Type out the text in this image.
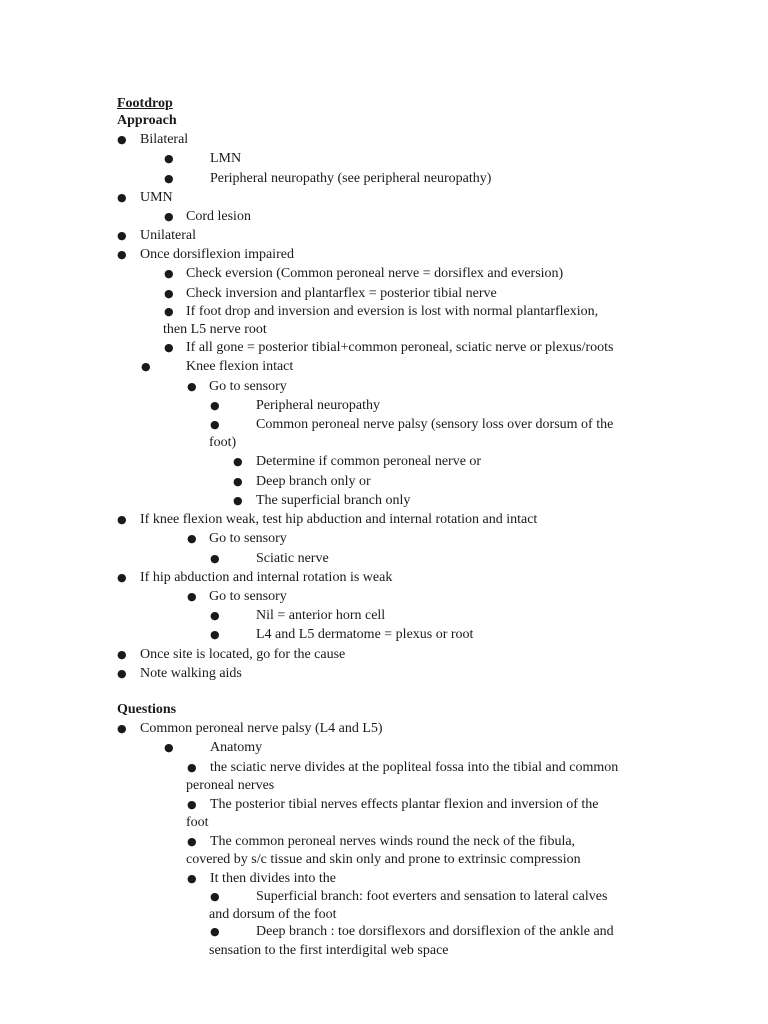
Footdrop
Approach
● Bilateral
●	LMN
●	Peripheral neuropathy (see peripheral neuropathy)
● UMN
● Cord lesion
● Unilateral
● Once dorsiflexion impaired
● Check eversion (Common peroneal nerve = dorsiflex and eversion)
● Check inversion and plantarflex = posterior tibial nerve
● If foot drop and inversion and eversion is lost with normal plantarflexion,
then L5 nerve root
● If all gone = posterior tibial+common peroneal, sciatic nerve or plexus/roots
●	Knee flexion intact
● Go to sensory
●	Peripheral neuropathy
●	Common peroneal nerve palsy (sensory loss over dorsum of the
foot)
● Determine if common peroneal nerve or
● Deep branch only or
● The superficial branch only
● If knee flexion weak, test hip abduction and internal rotation and intact
● Go to sensory
●	Sciatic nerve
● If hip abduction and internal rotation is weak
● Go to sensory
●	Nil = anterior horn cell
●	L4 and L5 dermatome = plexus or root
● Once site is located, go for the cause
● Note walking aids
Questions
● Common peroneal nerve palsy (L4 and L5)
●	Anatomy
● the sciatic nerve divides at the popliteal fossa into the tibial and common
peroneal nerves
● The posterior tibial nerves effects plantar flexion and inversion of the
foot
● The common peroneal nerves winds round the neck of the fibula,
covered by s/c tissue and skin only and prone to extrinsic compression
● It then divides into the
●	Superficial branch: foot everters and sensation to lateral calves
and dorsum of the foot
●	Deep branch : toe dorsiflexors and dorsiflexion of the ankle and
sensation to the first interdigital web space
